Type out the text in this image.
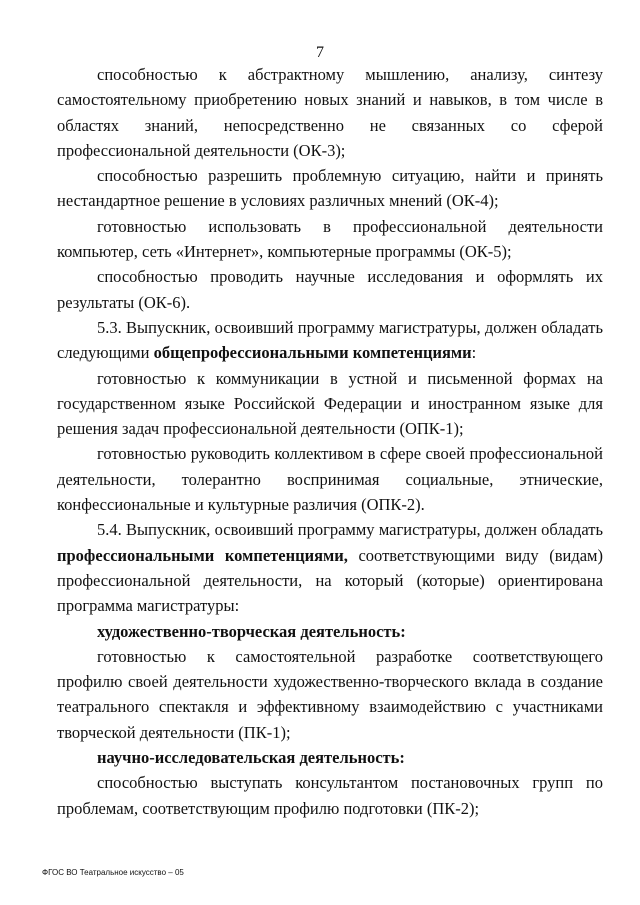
7

способностью к абстрактному мышлению, анализу, синтезу самостоятельному приобретению новых знаний и навыков, в том числе в областях знаний, непосредственно не связанных со сферой профессиональной деятельности (ОК-3);

способностью разрешить проблемную ситуацию, найти и принять нестандартное решение в условиях различных мнений (ОК-4);

готовностью использовать в профессиональной деятельности компьютер, сеть «Интернет», компьютерные программы (ОК-5);

способностью проводить научные исследования и оформлять их результаты (ОК-6).

5.3. Выпускник, освоивший программу магистратуры, должен обладать следующими общепрофессиональными компетенциями:

готовностью к коммуникации в устной и письменной формах на государственном языке Российской Федерации и иностранном языке для решения задач профессиональной деятельности (ОПК-1);

готовностью руководить коллективом в сфере своей профессиональной деятельности, толерантно воспринимая социальные, этнические, конфессиональные и культурные различия (ОПК-2).

5.4. Выпускник, освоивший программу магистратуры, должен обладать профессиональными компетенциями, соответствующими виду (видам) профессиональной деятельности, на который (которые) ориентирована программа магистратуры:

художественно-творческая деятельность:

готовностью к самостоятельной разработке соответствующего профилю своей деятельности художественно-творческого вклада в создание театрального спектакля и эффективному взаимодействию с участниками творческой деятельности (ПК-1);

научно-исследовательская деятельность:

способностью выступать консультантом постановочных групп по проблемам, соответствующим профилю подготовки (ПК-2);

ФГОС ВО Театральное искусство – 05
